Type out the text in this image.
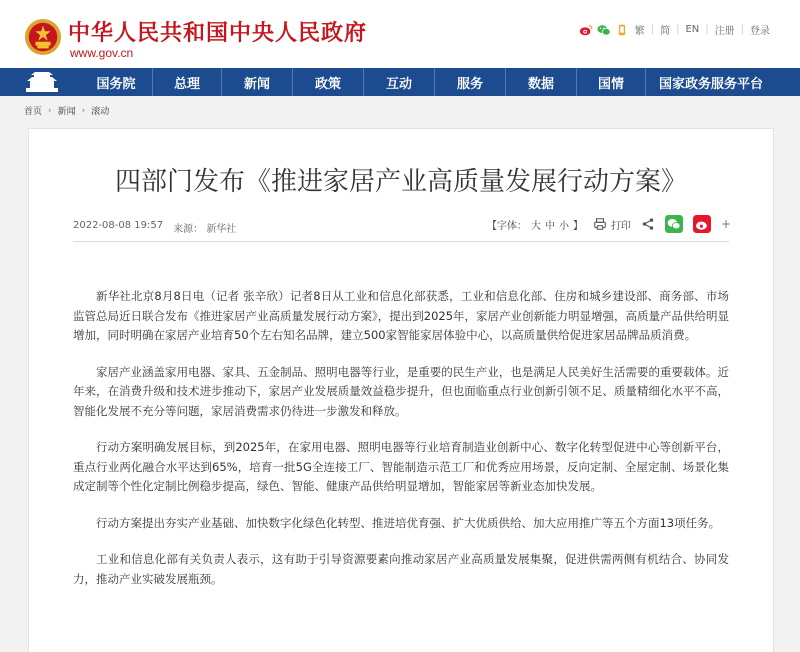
中华人民共和国中央人民政府
www.gov.cn
繁 | 简 | EN | 注册 | 登录
国务院	总理	新闻	政策	互动	服务	数据	国情	国家政务服务平台
首页 › 新闻 › 滚动
四部门发布《推进家居产业高质量发展行动方案》
2022-08-08 19:57 来源： 新华社	【字体： 大 中 小 】	打印	+

新华社北京8月8日电（记者 张辛欣）记者8日从工业和信息化部获悉，工业和信息化部、住房和城乡建设部、商务部、市场监管总局近日联合发布《推进家居产业高质量发展行动方案》，提出到2025年，家居产业创新能力明显增强，高质量产品供给明显增加，同时明确在家居产业培育50个左右知名品牌，建立500家智能家居体验中心，以高质量供给促进家居品牌品质消费。

家居产业涵盖家用电器、家具、五金制品、照明电器等行业，是重要的民生产业，也是满足人民美好生活需要的重要载体。近年来，在消费升级和技术进步推动下，家居产业发展质量效益稳步提升，但也面临重点行业创新引领不足、质量精细化水平不高，智能化发展不充分等问题，家居消费需求仍待进一步激发和释放。

行动方案明确发展目标，到2025年，在家用电器、照明电器等行业培育制造业创新中心、数字化转型促进中心等创新平台，重点行业两化融合水平达到65%，培育一批5G全连接工厂、智能制造示范工厂和优秀应用场景，反向定制、全屋定制、场景化集成定制等个性化定制比例稳步提高，绿色、智能、健康产品供给明显增加，智能家居等新业态加快发展。

行动方案提出夯实产业基础、加快数字化绿色化转型、推进培优育强、扩大优质供给、加大应用推广等五个方面13项任务。

工业和信息化部有关负责人表示，这有助于引导资源要素向推动家居产业高质量发展集聚，促进供需两侧有机结合、协同发力，推动产业实破发展瓶颈。
